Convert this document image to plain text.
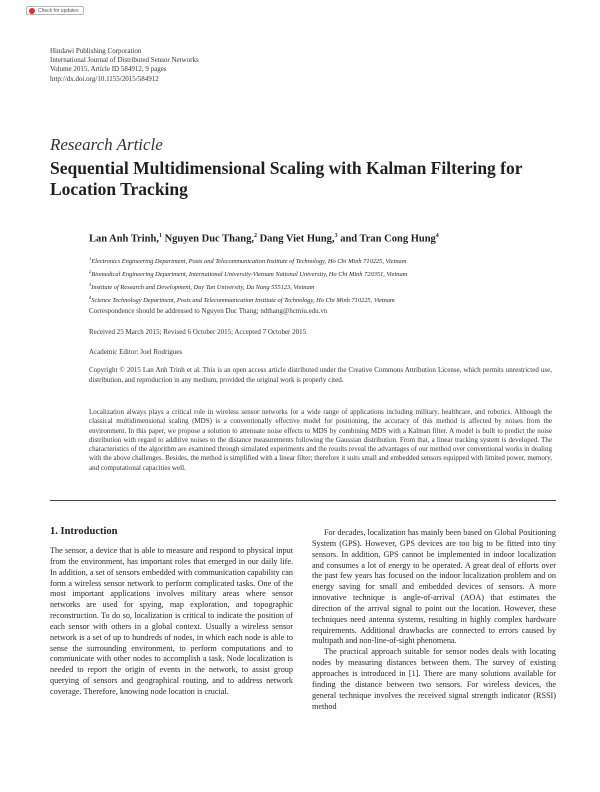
Check for updates
Hindawi Publishing Corporation
International Journal of Distributed Sensor Networks
Volume 2015, Article ID 584912, 9 pages
http://dx.doi.org/10.1155/2015/584912
Research Article
Sequential Multidimensional Scaling with Kalman Filtering for Location Tracking
Lan Anh Trinh,$^1$ Nguyen Duc Thang,$^2$ Dang Viet Hung,$^3$ and Tran Cong Hung$^4$
$^1$Electronics Engineering Department, Posts and Telecommunication Institute of Technology, Ho Chi Minh 710225, Vietnam
$^2$Biomedical Engineering Department, International University-Vietnam National University, Ho Chi Minh 720351, Vietnam
$^3$Institute of Research and Development, Duy Tan University, Da Nang 555123, Vietnam
$^4$Science Technology Department, Posts and Telecommunication Institute of Technology, Ho Chi Minh 710225, Vietnam
Correspondence should be addressed to Nguyen Duc Thang; ndthang@hcmiu.edu.vn
Received 25 March 2015; Revised 6 October 2015; Accepted 7 October 2015
Academic Editor: Joel Rodrigues
Copyright © 2015 Lan Anh Trinh et al. This is an open access article distributed under the Creative Commons Attribution License, which permits unrestricted use, distribution, and reproduction in any medium, provided the original work is properly cited.
Localization always plays a critical role in wireless sensor networks for a wide range of applications including military, healthcare, and robotics. Although the classical multidimensional scaling (MDS) is a conventionally effective model for positioning, the accuracy of this method is affected by noises from the environment. In this paper, we propose a solution to attenuate noise effects to MDS by combining MDS with a Kalman filter. A model is built to predict the noise distribution with regard to additive noises to the distance measurements following the Gaussian distribution. From that, a linear tracking system is developed. The characteristics of the algorithm are examined through simulated experiments and the results reveal the advantages of our method over conventional works in dealing with the above challenges. Besides, the method is simplified with a linear filter; therefore it suits small and embedded sensors equipped with limited power, memory, and computational capacities well.
1. Introduction

The sensor, a device that is able to measure and respond to physical input from the environment, has important roles that emerged in our daily life. In addition, a set of sensors embedded with communication capability can form a wireless sensor network to perform complicated tasks. One of the most important applications involves military areas where sensor networks are used for spying, map exploration, and topographic reconstruction. To do so, localization is critical to indicate the position of each sensor with others in a global context. Usually a wireless sensor network is a set of up to hundreds of nodes, in which each node is able to sense the surrounding environment, to perform computations and to communicate with other nodes to accomplish a task. Node localization is needed to report the origin of events in the network, to assist group querying of sensors and geographical routing, and to address network coverage. Therefore, knowing node location is crucial.

For decades, localization has mainly been based on Global Positioning System (GPS). However, GPS devices are too big to be fitted into tiny sensors. In addition, GPS cannot be implemented in indoor localization and consumes a lot of energy to be operated. A great deal of efforts over the past few years has focused on the indoor localization problem and on energy saving for small and embedded devices of sensors. A more innovative technique is angle-of-arrival (AOA) that estimates the direction of the arrival signal to point out the location. However, these techniques need antenna systems, resulting in highly complex hardware requirements. Additional drawbacks are connected to errors caused by multipath and non-line-of-sight phenomena.

The practical approach suitable for sensor nodes deals with locating nodes by measuring distances between them. The survey of existing approaches is introduced in [1]. There are many solutions available for finding the distance between two sensors. For wireless devices, the general technique involves the received signal strength indicator (RSSI) method
